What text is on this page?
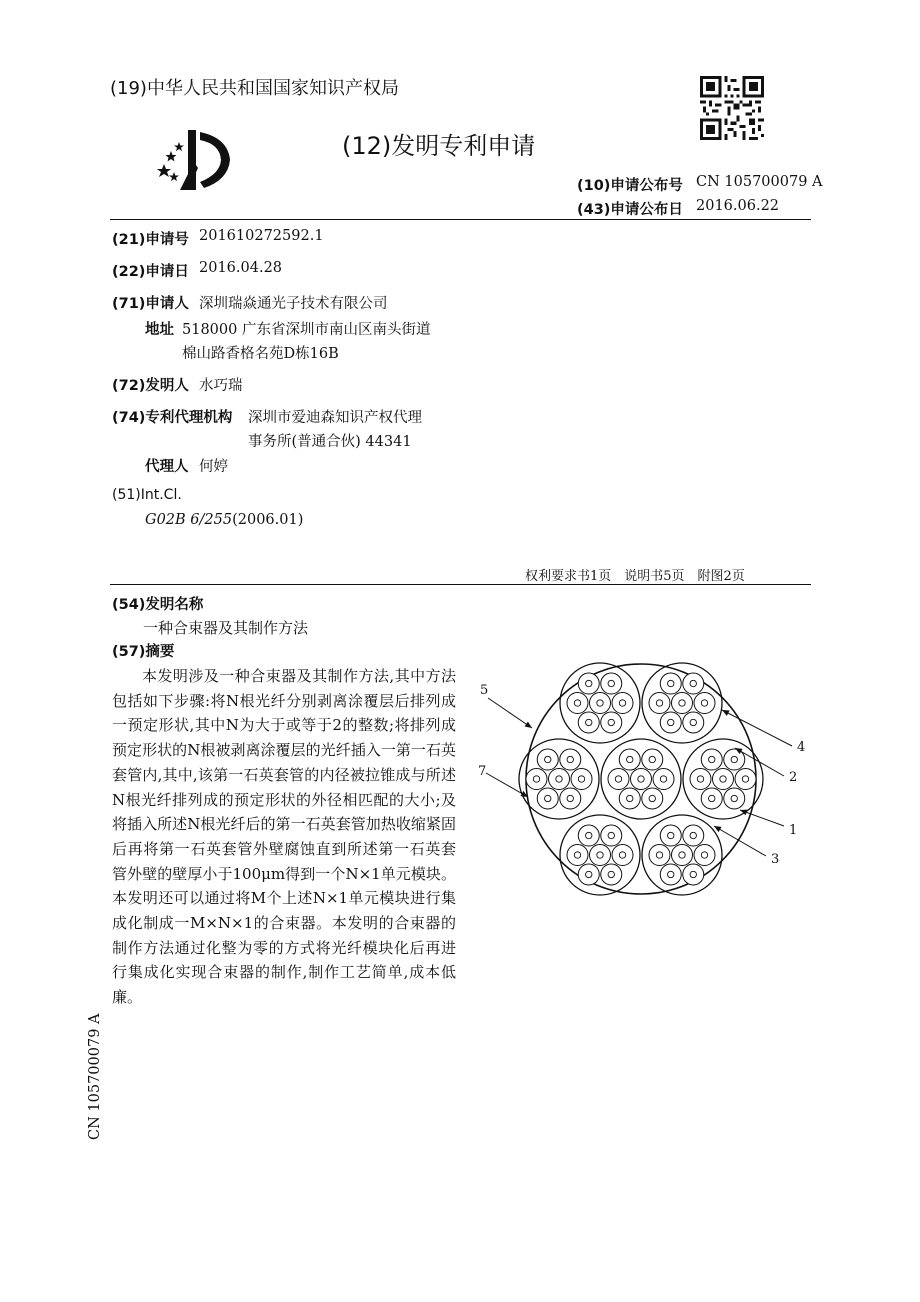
(19)中华人民共和国国家知识产权局
(12)发明专利申请
(10)申请公布号 CN 105700079 A
(43)申请公布日 2016.06.22
(21)申请号 201610272592.1
(22)申请日 2016.04.28
(71)申请人 深圳瑞焱通光子技术有限公司
地址 518000 广东省深圳市南山区南头街道
棉山路香格名苑D栋16B
(72)发明人 水巧瑞
(74)专利代理机构 深圳市爱迪森知识产权代理
事务所(普通合伙) 44341
代理人 何婷
(51)Int.Cl.
G02B 6/255(2006.01)
权利要求书1页　说明书5页　附图2页
(54)发明名称
一种合束器及其制作方法
(57)摘要
本发明涉及一种合束器及其制作方法,其中方法包括如下步骤:将N根光纤分别剥离涂覆层后排列成一预定形状,其中N为大于或等于2的整数;将排列成预定形状的N根被剥离涂覆层的光纤插入一第一石英套管内,其中,该第一石英套管的内径被拉锥成与所述N根光纤排列成的预定形状的外径相匹配的大小;及将插入所述N根光纤后的第一石英套管加热收缩紧固后再将第一石英套管外壁腐蚀直到所述第一石英套管外壁的壁厚小于100μm得到一个N×1单元模块。本发明还可以通过将M个上述N×1单元模块进行集成化制成一M×N×1的合束器。本发明的合束器的制作方法通过化整为零的方式将光纤模块化后再进行集成化实现合束器的制作,制作工艺简单,成本低廉。
5
4
2
7
1
3
CN 105700079 A
